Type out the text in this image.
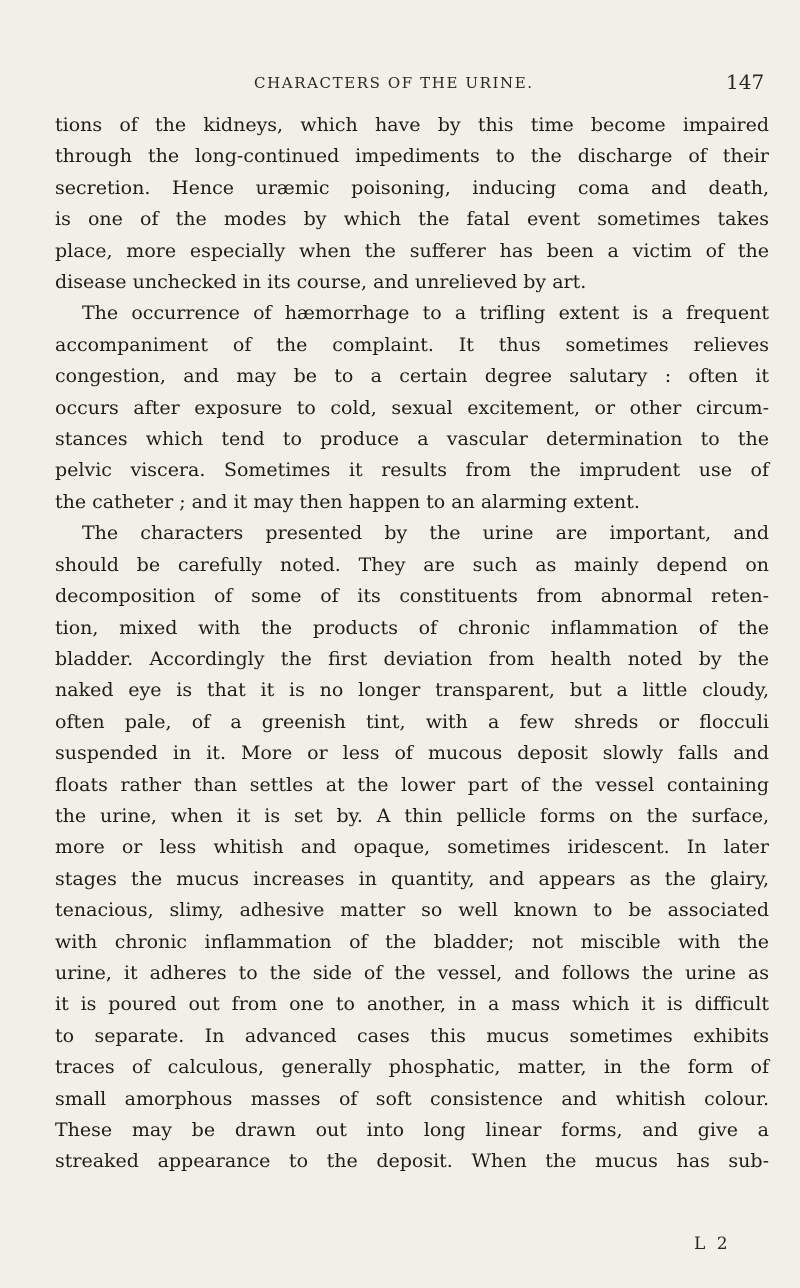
CHARACTERS OF THE URINE.	147
tions of the kidneys, which have by this time become impaired
through the long-continued impediments to the discharge of their
secretion. Hence uræmic poisoning, inducing coma and death,
is one of the modes by which the fatal event sometimes takes
place, more especially when the sufferer has been a victim of the
disease unchecked in its course, and unrelieved by art.
The occurrence of hæmorrhage to a trifling extent is a frequent
accompaniment of the complaint. It thus sometimes relieves
congestion, and may be to a certain degree salutary : often it
occurs after exposure to cold, sexual excitement, or other circum-
stances which tend to produce a vascular determination to the
pelvic viscera. Sometimes it results from the imprudent use of
the catheter ; and it may then happen to an alarming extent.
The characters presented by the urine are important, and
should be carefully noted. They are such as mainly depend on
decomposition of some of its constituents from abnormal reten-
tion, mixed with the products of chronic inflammation of the
bladder. Accordingly the first deviation from health noted by the
naked eye is that it is no longer transparent, but a little cloudy,
often pale, of a greenish tint, with a few shreds or flocculi
suspended in it. More or less of mucous deposit slowly falls and
floats rather than settles at the lower part of the vessel containing
the urine, when it is set by. A thin pellicle forms on the surface,
more or less whitish and opaque, sometimes iridescent. In later
stages the mucus increases in quantity, and appears as the glairy,
tenacious, slimy, adhesive matter so well known to be associated
with chronic inflammation of the bladder; not miscible with the
urine, it adheres to the side of the vessel, and follows the urine as
it is poured out from one to another, in a mass which it is difficult
to separate. In advanced cases this mucus sometimes exhibits
traces of calculous, generally phosphatic, matter, in the form of
small amorphous masses of soft consistence and whitish colour.
These may be drawn out into long linear forms, and give a
streaked appearance to the deposit. When the mucus has sub-
L 2
